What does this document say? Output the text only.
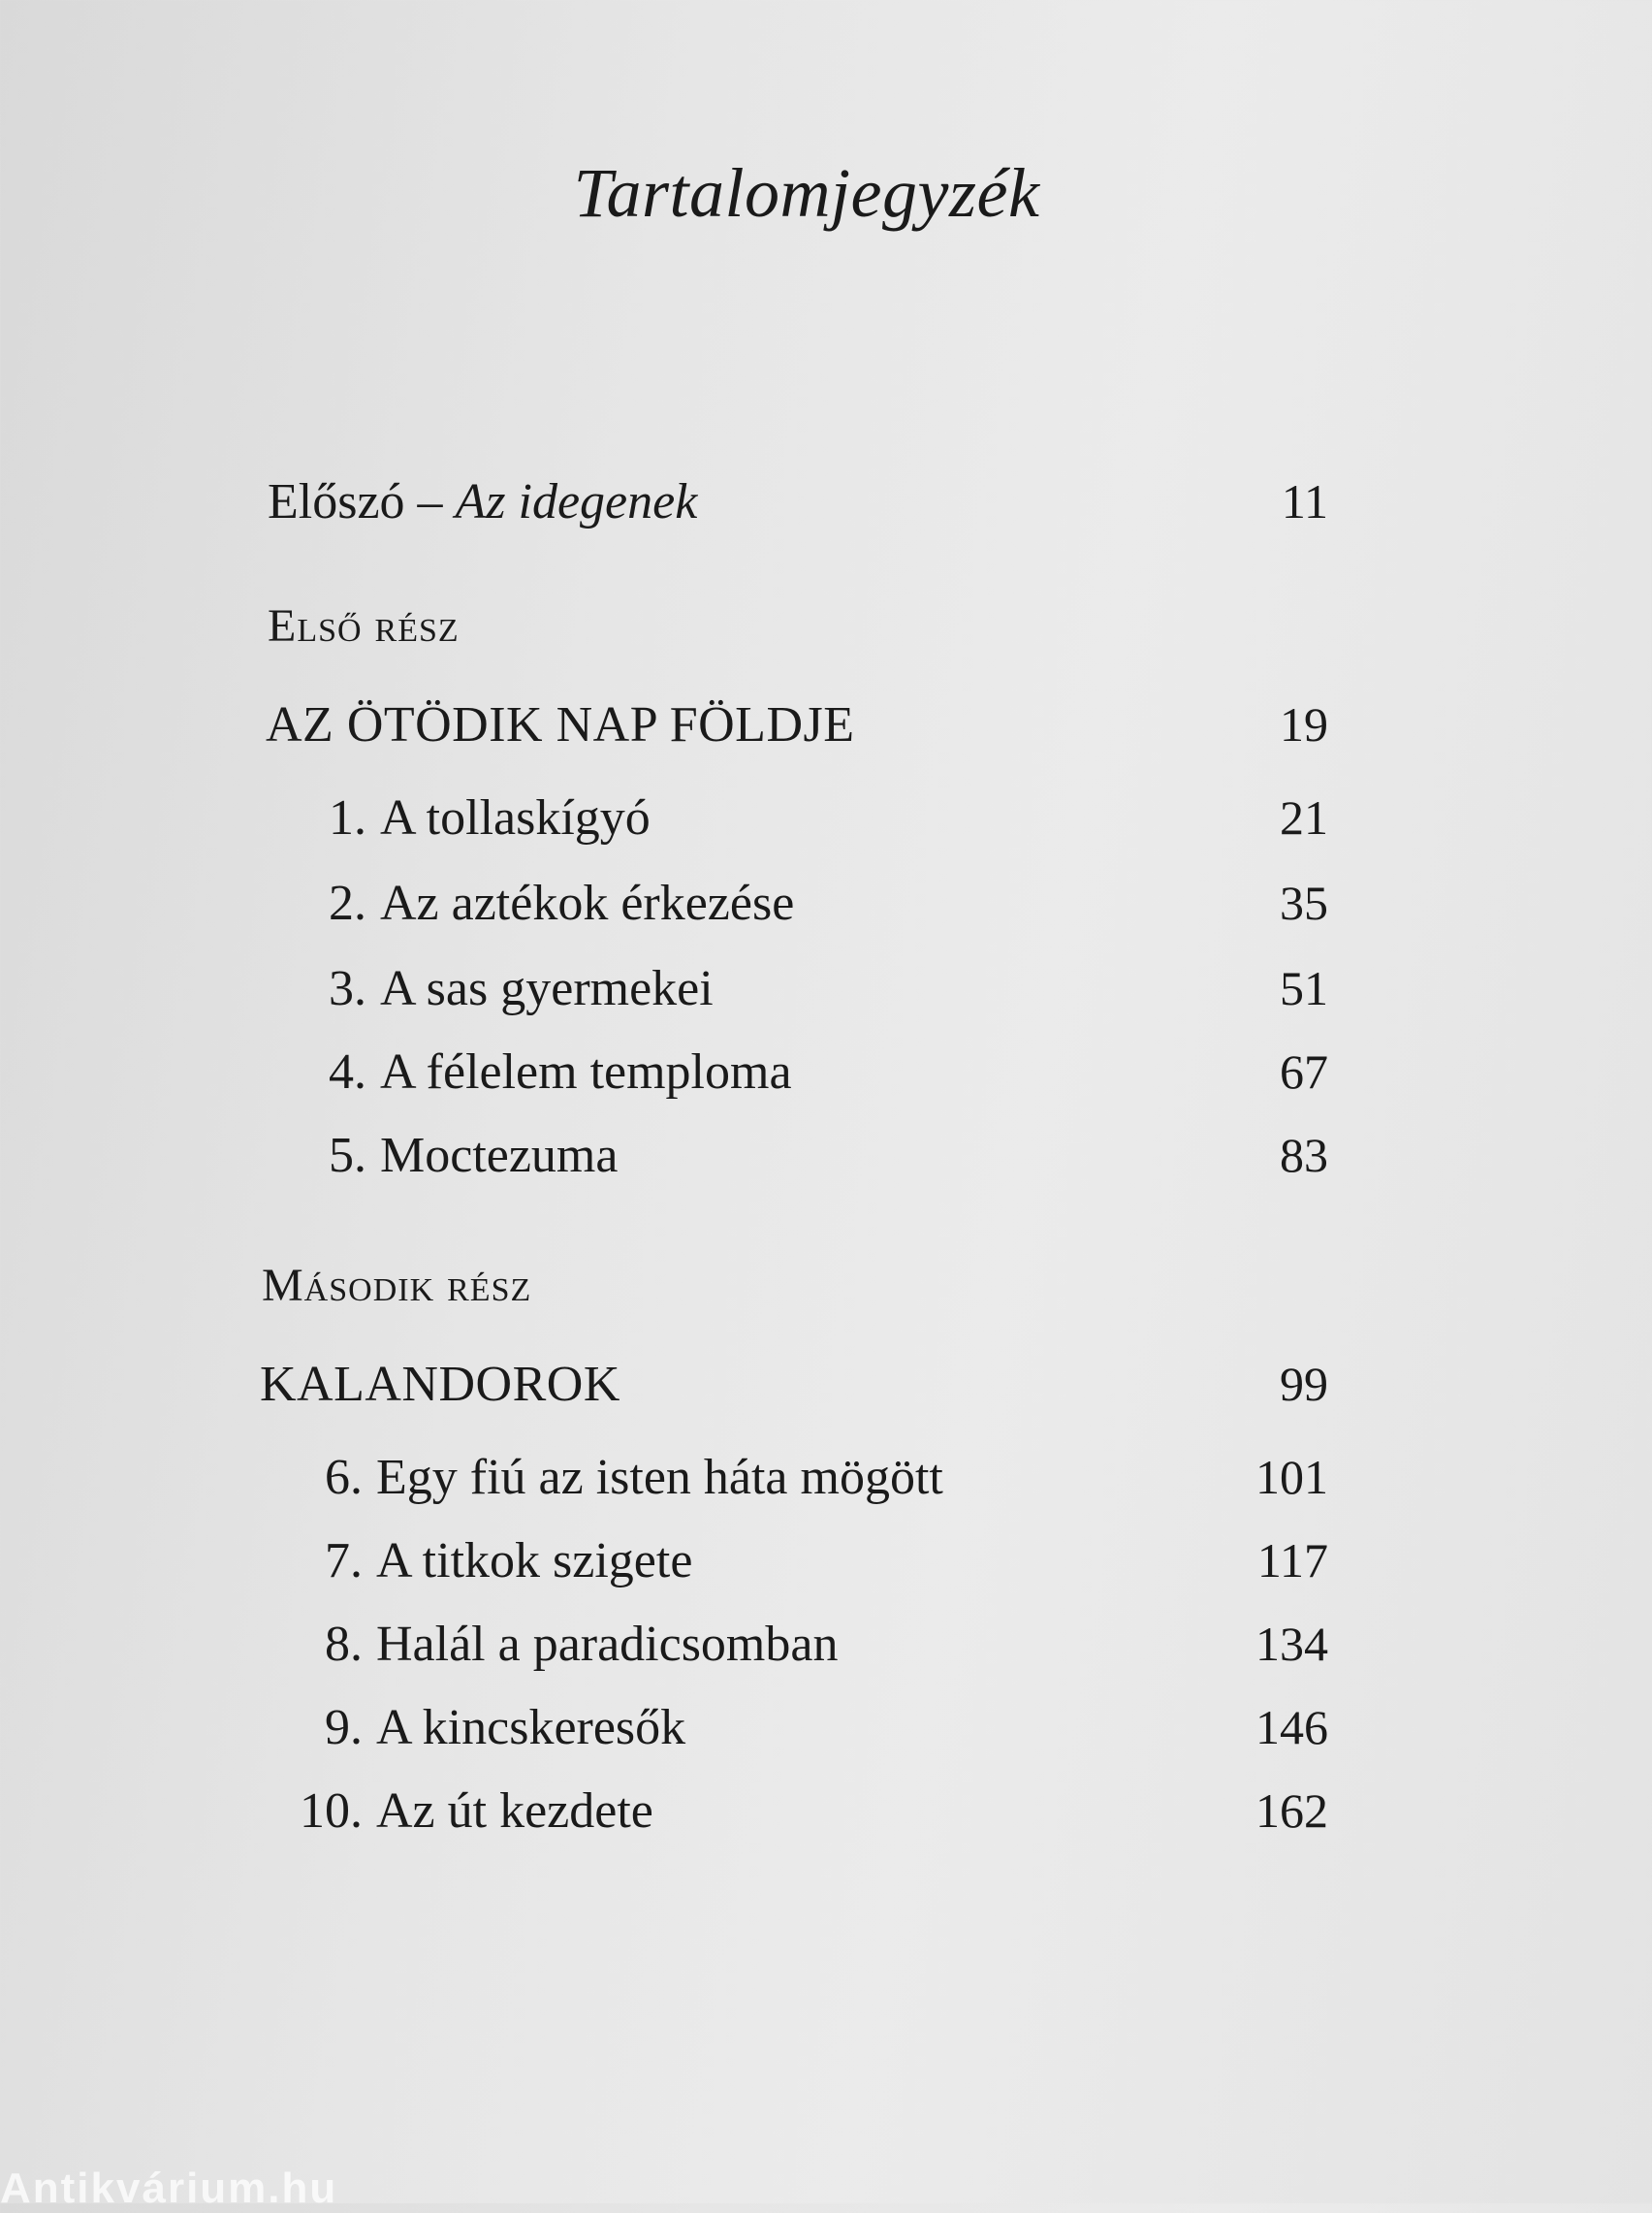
Tartalomjegyzék
Előszó – Az idegenek	11
Első rész
AZ ÖTÖDIK NAP FÖLDJE	19
1. A tollaskígyó	21
2. Az aztékok érkezése	35
3. A sas gyermekei	51
4. A félelem temploma	67
5. Moctezuma	83
Második rész
KALANDOROK	99
6. Egy fiú az isten háta mögött	101
7. A titkok szigete	117
8. Halál a paradicsomban	134
9. A kincskeresők	146
10. Az út kezdete	162
Antikvárium.hu
